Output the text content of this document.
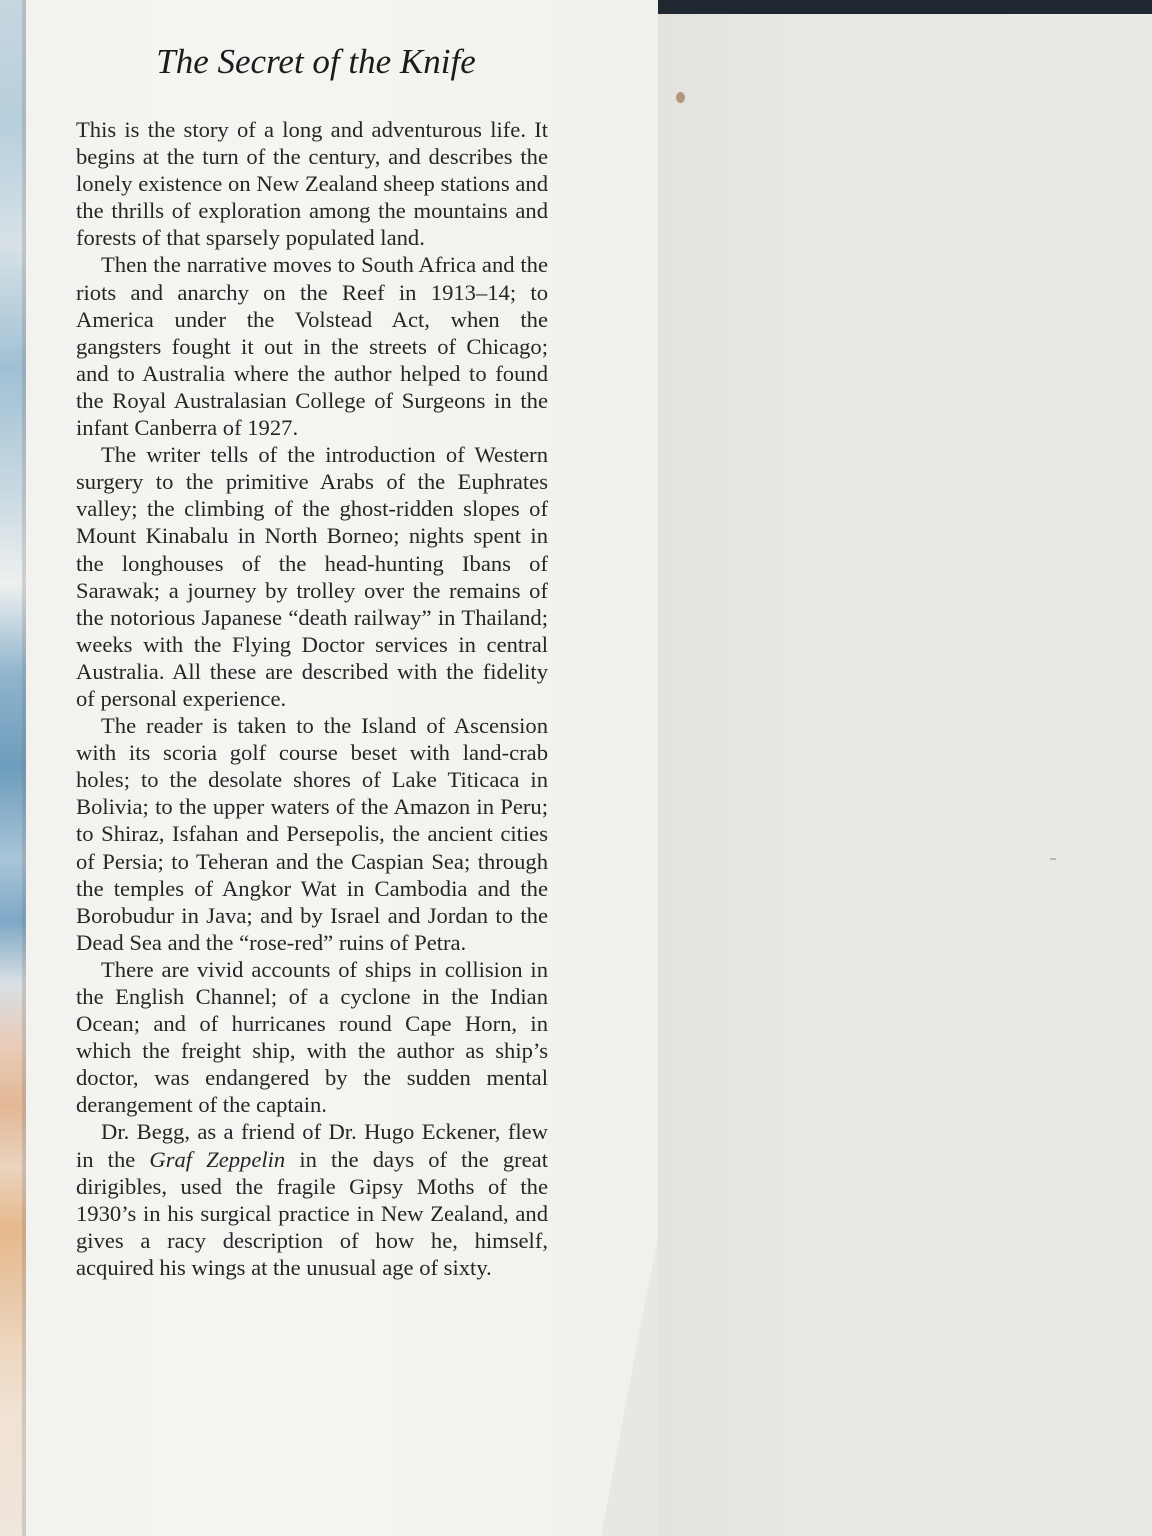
The Secret of the Knife

This is the story of a long and adventurous life. It begins at the turn of the century, and describes the lonely existence on New Zealand sheep stations and the thrills of exploration among the mountains and forests of that sparsely populated land.

Then the narrative moves to South Africa and the riots and anarchy on the Reef in 1913–14; to America under the Volstead Act, when the gangsters fought it out in the streets of Chicago; and to Australia where the author helped to found the Royal Australasian College of Surgeons in the infant Canberra of 1927.

The writer tells of the introduction of Western surgery to the primitive Arabs of the Euphrates valley; the climbing of the ghost-ridden slopes of Mount Kinabalu in North Borneo; nights spent in the longhouses of the head-hunting Ibans of Sarawak; a journey by trolley over the remains of the notorious Japanese “death railway” in Thailand; weeks with the Flying Doctor services in central Australia. All these are described with the fidelity of personal experience.

The reader is taken to the Island of Ascension with its scoria golf course beset with land-crab holes; to the desolate shores of Lake Titicaca in Bolivia; to the upper waters of the Amazon in Peru; to Shiraz, Isfahan and Persepolis, the ancient cities of Persia; to Teheran and the Caspian Sea; through the temples of Angkor Wat in Cambodia and the Borobudur in Java; and by Israel and Jordan to the Dead Sea and the “rose-red” ruins of Petra.

There are vivid accounts of ships in collision in the English Channel; of a cyclone in the Indian Ocean; and of hurricanes round Cape Horn, in which the freight ship, with the author as ship’s doctor, was endangered by the sudden mental derangement of the captain.

Dr. Begg, as a friend of Dr. Hugo Eckener, flew in the Graf Zeppelin in the days of the great dirigibles, used the fragile Gipsy Moths of the 1930’s in his surgical practice in New Zealand, and gives a racy description of how he, himself, acquired his wings at the unusual age of sixty.
